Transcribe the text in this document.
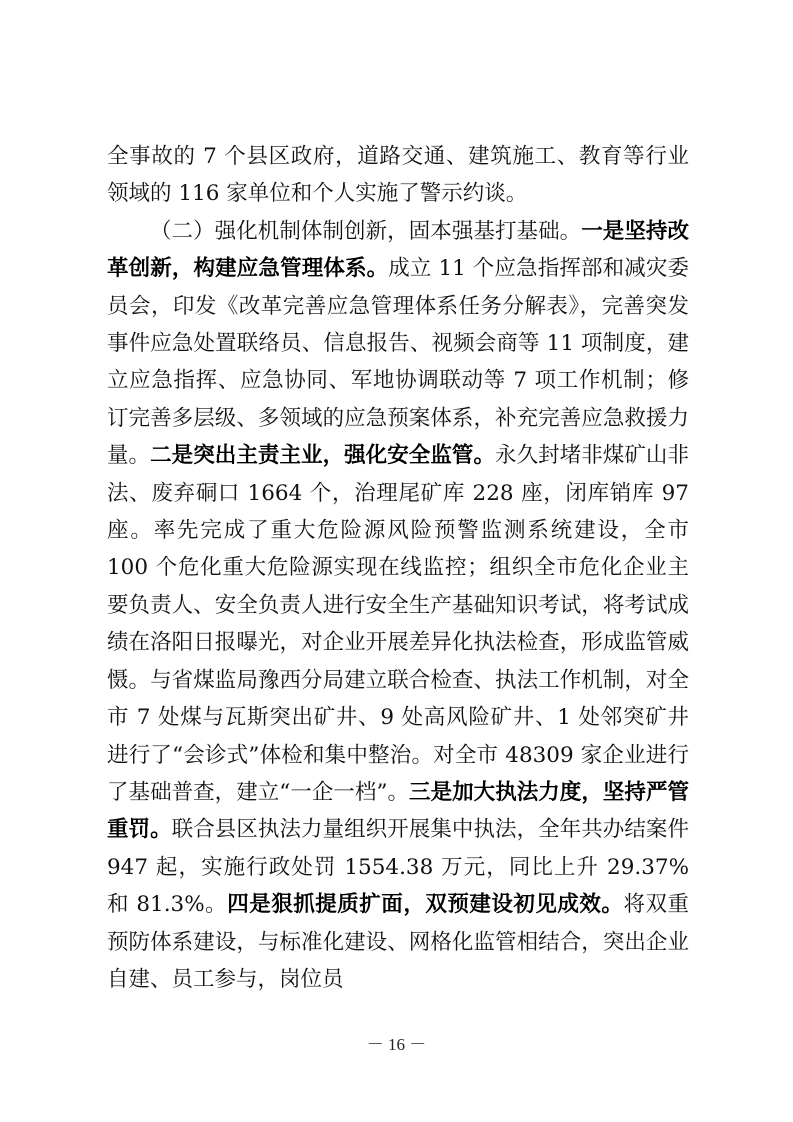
全事故的 7 个县区政府，道路交通、建筑施工、教育等行业领域的 116 家单位和个人实施了警示约谈。

（二）强化机制体制创新，固本强基打基础。一是坚持改革创新，构建应急管理体系。成立 11 个应急指挥部和减灾委员会，印发《改革完善应急管理体系任务分解表》，完善突发事件应急处置联络员、信息报告、视频会商等 11 项制度，建立应急指挥、应急协同、军地协调联动等 7 项工作机制；修订完善多层级、多领域的应急预案体系，补充完善应急救援力量。二是突出主责主业，强化安全监管。永久封堵非煤矿山非法、废弃硐口 1664 个，治理尾矿库 228 座，闭库销库 97 座。率先完成了重大危险源风险预警监测系统建设，全市 100 个危化重大危险源实现在线监控；组织全市危化企业主要负责人、安全负责人进行安全生产基础知识考试，将考试成绩在洛阳日报曝光，对企业开展差异化执法检查，形成监管威慑。与省煤监局豫西分局建立联合检查、执法工作机制，对全市 7 处煤与瓦斯突出矿井、9 处高风险矿井、1 处邻突矿井进行了“会诊式”体检和集中整治。对全市 48309 家企业进行了基础普查，建立“一企一档”。三是加大执法力度，坚持严管重罚。联合县区执法力量组织开展集中执法，全年共办结案件 947 起，实施行政处罚 1554.38 万元，同比上升 29.37%和 81.3%。四是狠抓提质扩面，双预建设初见成效。将双重预防体系建设，与标准化建设、网格化监管相结合，突出企业自建、员工参与，岗位员

－ 16 －
